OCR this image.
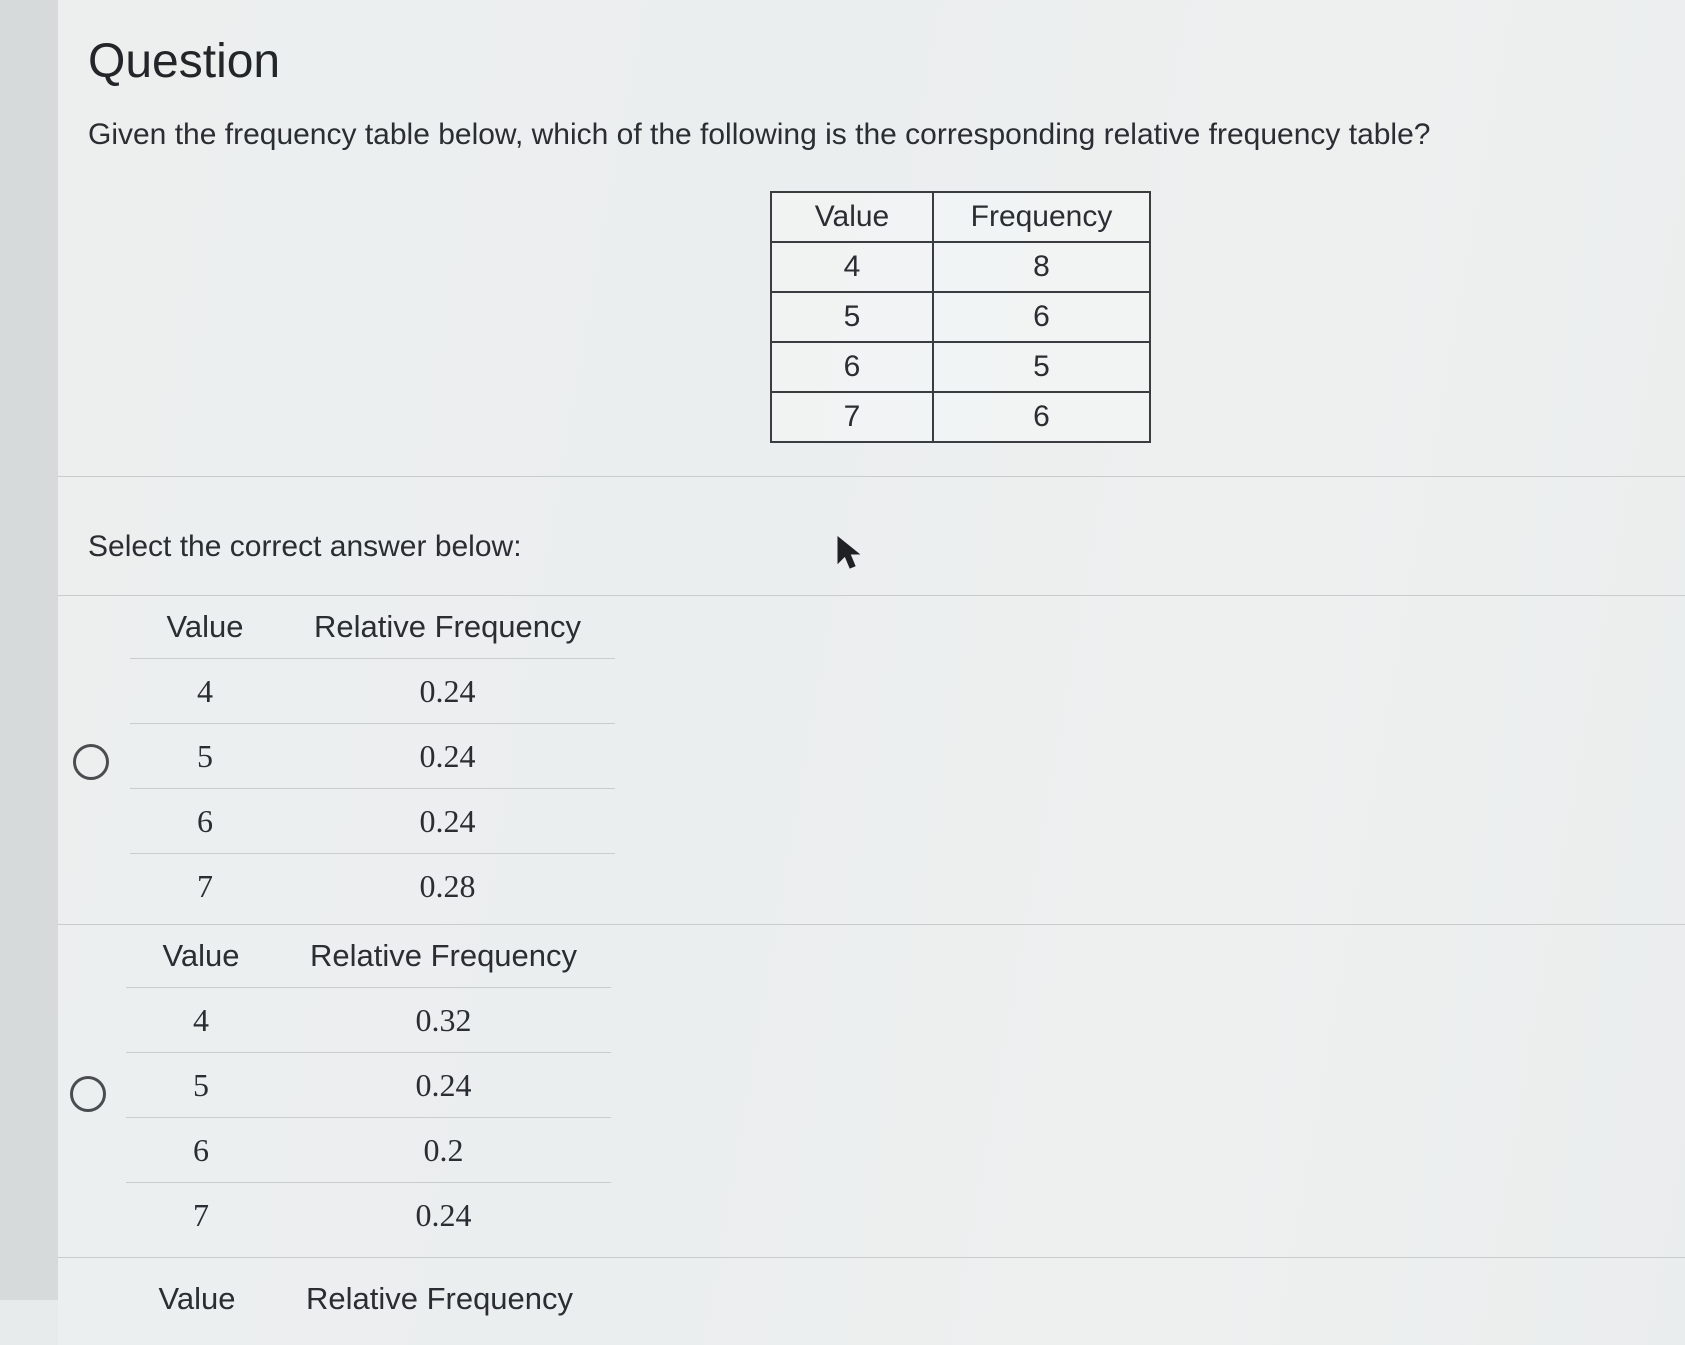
Question
Given the frequency table below, which of the following is the corresponding relative frequency table?
Value	Frequency
4	8
5	6
6	5
7	6
Select the correct answer below:
Value	Relative Frequency
4	0.24
5	0.24
6	0.24
7	0.28
Value	Relative Frequency
4	0.32
5	0.24
6	0.2
7	0.24
Value	Relative Frequency
